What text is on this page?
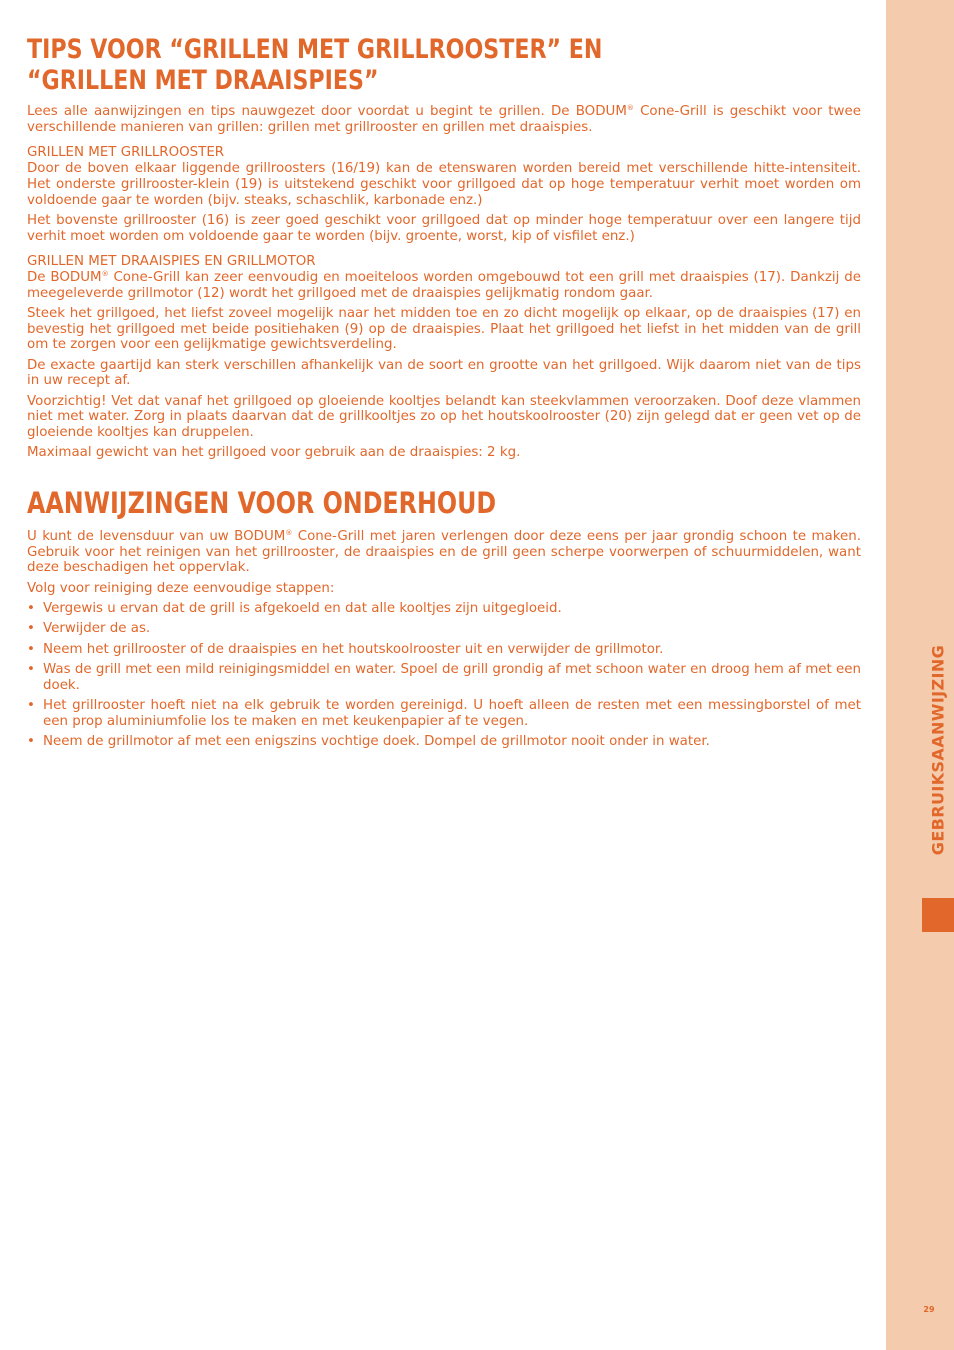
GEBRUIKSAANWIJZING
29
TIPS VOOR “GRILLEN MET GRILLROOSTER” EN
“GRILLEN MET DRAAISPIES”

Lees alle aanwijzingen en tips nauwgezet door voordat u begint te grillen. De BODUM® Cone-Grill is geschikt voor twee verschillende manieren van grillen: grillen met grillrooster en grillen met draaispies.

GRILLEN MET GRILLROOSTER

Door de boven elkaar liggende grillroosters (16/19) kan de etenswaren worden bereid met verschillende hitte-intensiteit. Het onderste grillrooster-klein (19) is uitstekend geschikt voor grillgoed dat op hoge temperatuur verhit moet worden om voldoende gaar te worden (bijv. steaks, schaschlik, karbonade enz.)

Het bovenste grillrooster (16) is zeer goed geschikt voor grillgoed dat op minder hoge temperatuur over een langere tijd verhit moet worden om voldoende gaar te worden (bijv. groente, worst, kip of visfilet enz.)

GRILLEN MET DRAAISPIES EN GRILLMOTOR

De BODUM® Cone-Grill kan zeer eenvoudig en moeiteloos worden omgebouwd tot een grill met draaispies (17). Dankzij de meegeleverde grillmotor (12) wordt het grillgoed met de draaispies gelijkmatig rondom gaar.

Steek het grillgoed, het liefst zoveel mogelijk naar het midden toe en zo dicht mogelijk op elkaar, op de draaispies (17) en bevestig het grillgoed met beide positiehaken (9) op de draaispies. Plaat het grillgoed het liefst in het midden van de grill om te zorgen voor een gelijkmatige gewichtsverdeling.

De exacte gaartijd kan sterk verschillen afhankelijk van de soort en grootte van het grillgoed. Wijk daarom niet van de tips in uw recept af.

Voorzichtig! Vet dat vanaf het grillgoed op gloeiende kooltjes belandt kan steekvlammen veroorzaken. Doof deze vlammen niet met water. Zorg in plaats daarvan dat de grillkooltjes zo op het houtskoolrooster (20) zijn gelegd dat er geen vet op de gloeiende kooltjes kan druppelen.

Maximaal gewicht van het grillgoed voor gebruik aan de draaispies: 2 kg.

AANWIJZINGEN VOOR ONDERHOUD

U kunt de levensduur van uw BODUM® Cone-Grill met jaren verlengen door deze eens per jaar grondig schoon te maken. Gebruik voor het reinigen van het grillrooster, de draaispies en de grill geen scherpe voorwerpen of schuurmiddelen, want deze beschadigen het oppervlak.

Volg voor reiniging deze eenvoudige stappen:

• Vergewis u ervan dat de grill is afgekoeld en dat alle kooltjes zijn uitgegloeid.
• Verwijder de as.
• Neem het grillrooster of de draaispies en het houtskoolrooster uit en verwijder de grillmotor.
• Was de grill met een mild reinigingsmiddel en water. Spoel de grill grondig af met schoon water en droog hem af met een doek.
• Het grillrooster hoeft niet na elk gebruik te worden gereinigd. U hoeft alleen de resten met een messingborstel of met een prop aluminiumfolie los te maken en met keukenpapier af te vegen.
• Neem de grillmotor af met een enigszins vochtige doek. Dompel de grillmotor nooit onder in water.
